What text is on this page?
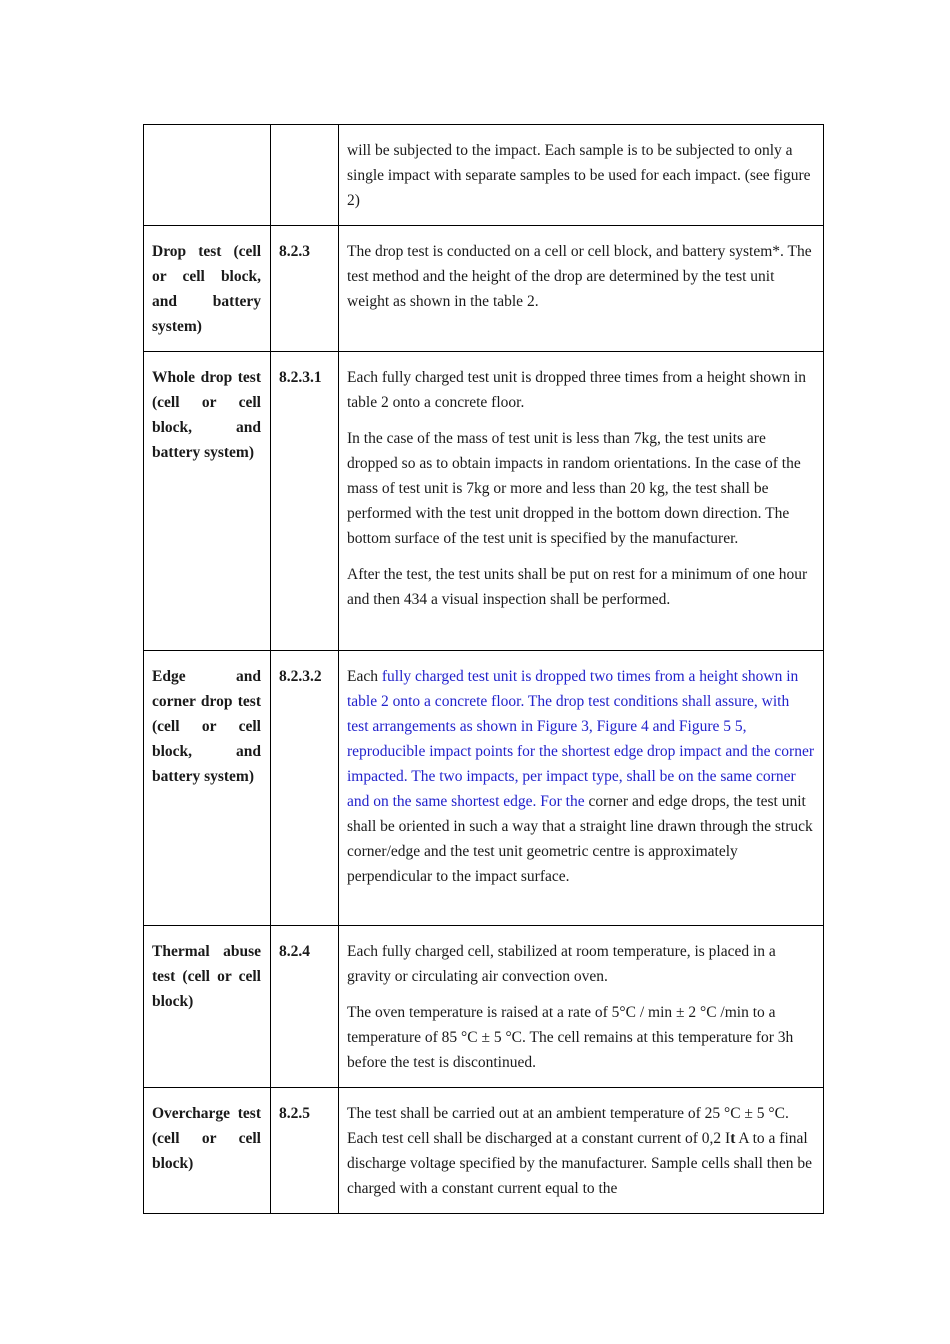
		will be subjected to the impact. Each sample is to be subjected to only a single impact with separate samples to be used for each impact. (see figure 2)

Drop test (cell or cell block, and battery system)	8.2.3	The drop test is conducted on a cell or cell block, and battery system*. The test method and the height of the drop are determined by the test unit weight as shown in the table 2.

Whole drop test (cell or cell block, and battery system)	8.2.3.1	Each fully charged test unit is dropped three times from a height shown in table 2 onto a concrete floor.

In the case of the mass of test unit is less than 7kg, the test units are dropped so as to obtain impacts in random orientations. In the case of the mass of test unit is 7kg or more and less than 20 kg, the test shall be performed with the test unit dropped in the bottom down direction. The bottom surface of the test unit is specified by the manufacturer.

After the test, the test units shall be put on rest for a minimum of one hour and then 434 a visual inspection shall be performed.

Edge and corner drop test (cell or cell block, and battery system)	8.2.3.2	Each fully charged test unit is dropped two times from a height shown in table 2 onto a concrete floor. The drop test conditions shall assure, with test arrangements as shown in Figure 3, Figure 4 and Figure 5 5, reproducible impact points for the shortest edge drop impact and the corner impacted. The two impacts, per impact type, shall be on the same corner and on the same shortest edge. For the corner and edge drops, the test unit shall be oriented in such a way that a straight line drawn through the struck corner/edge and the test unit geometric centre is approximately perpendicular to the impact surface.

Thermal abuse test (cell or cell block)	8.2.4	Each fully charged cell, stabilized at room temperature, is placed in a gravity or circulating air convection oven.

The oven temperature is raised at a rate of 5°C / min ± 2 °C /min to a temperature of 85 °C ± 5 °C. The cell remains at this temperature for 3h before the test is discontinued.

Overcharge test (cell or cell block)	8.2.5	The test shall be carried out at an ambient temperature of 25 °C ± 5 °C. Each test cell shall be discharged at a constant current of 0,2 It A to a final discharge voltage specified by the manufacturer. Sample cells shall then be charged with a constant current equal to the
